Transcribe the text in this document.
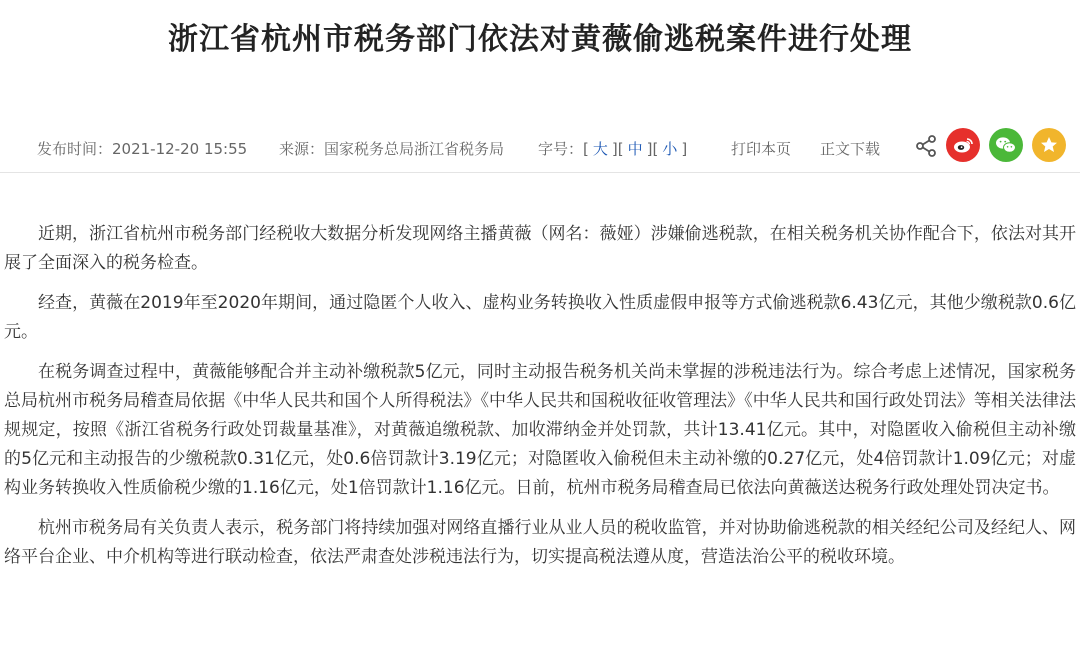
浙江省杭州市税务部门依法对黄薇偷逃税案件进行处理
发布时间：2021-12-20 15:55 来源：国家税务总局浙江省税务局 字号：[ 大 ][ 中 ][ 小 ]	打印本页 正文下载

近期，浙江省杭州市税务部门经税收大数据分析发现网络主播黄薇（网名：薇娅）涉嫌偷逃税款，在相关税务机关协作配合下，依法对其开展了全面深入的税务检查。

经查，黄薇在2019年至2020年期间，通过隐匿个人收入、虚构业务转换收入性质虚假申报等方式偷逃税款6.43亿元，其他少缴税款0.6亿元。

在税务调查过程中，黄薇能够配合并主动补缴税款5亿元，同时主动报告税务机关尚未掌握的涉税违法行为。综合考虑上述情况，国家税务总局杭州市税务局稽查局依据《中华人民共和国个人所得税法》《中华人民共和国税收征收管理法》《中华人民共和国行政处罚法》等相关法律法规规定，按照《浙江省税务行政处罚裁量基准》，对黄薇追缴税款、加收滞纳金并处罚款，共计13.41亿元。其中，对隐匿收入偷税但主动补缴的5亿元和主动报告的少缴税款0.31亿元，处0.6倍罚款计3.19亿元；对隐匿收入偷税但未主动补缴的0.27亿元，处4倍罚款计1.09亿元；对虚构业务转换收入性质偷税少缴的1.16亿元，处1倍罚款计1.16亿元。日前，杭州市税务局稽查局已依法向黄薇送达税务行政处理处罚决定书。

杭州市税务局有关负责人表示，税务部门将持续加强对网络直播行业从业人员的税收监管，并对协助偷逃税款的相关经纪公司及经纪人、网络平台企业、中介机构等进行联动检查，依法严肃查处涉税违法行为，切实提高税法遵从度，营造法治公平的税收环境。
